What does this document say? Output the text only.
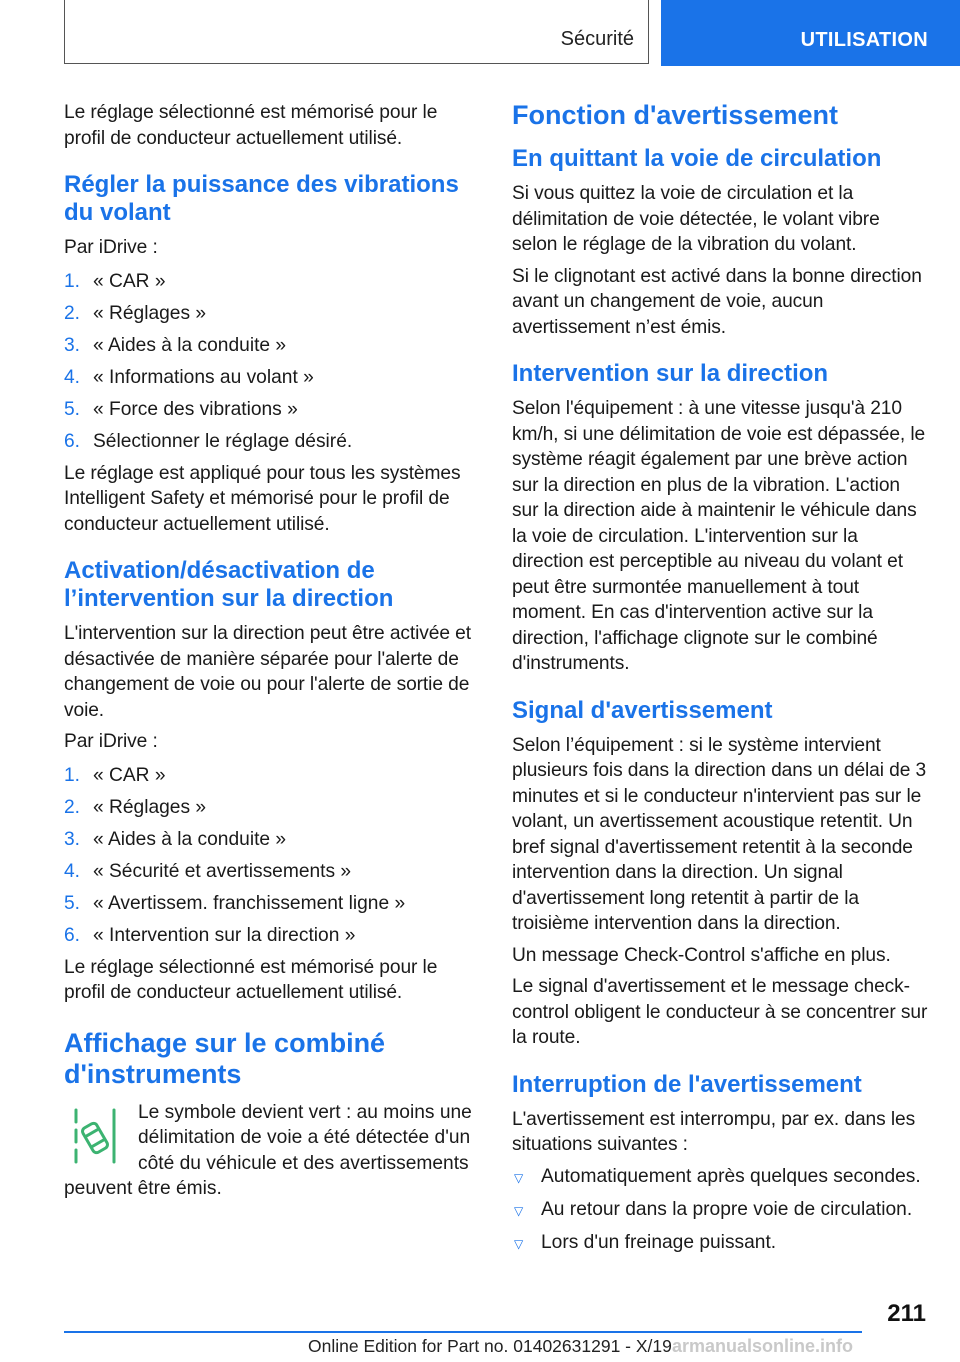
Sécurité	UTILISATION

Le réglage sélectionné est mémorisé pour le profil de conducteur actuellement utilisé.

Régler la puissance des vibrations du volant

Par iDrive :

1. « CAR »
2. « Réglages »
3. « Aides à la conduite »
4. « Informations au volant »
5. « Force des vibrations »
6. Sélectionner le réglage désiré.

Le réglage est appliqué pour tous les systèmes Intelligent Safety et mémorisé pour le profil de conducteur actuellement utilisé.

Activation/désactivation de l’intervention sur la direction

L'intervention sur la direction peut être activée et désactivée de manière séparée pour l'alerte de changement de voie ou pour l'alerte de sortie de voie.

Par iDrive :

1. « CAR »
2. « Réglages »
3. « Aides à la conduite »
4. « Sécurité et avertissements »
5. « Avertissem. franchissement ligne »
6. « Intervention sur la direction »

Le réglage sélectionné est mémorisé pour le profil de conducteur actuellement utilisé.

Affichage sur le combiné d'instruments
Le symbole devient vert : au moins une délimitation de voie a été détectée d'un côté du véhicule et des avertissements peuvent être émis.
Fonction d'avertissement
En quittant la voie de circulation

Si vous quittez la voie de circulation et la délimitation de voie détectée, le volant vibre selon le réglage de la vibration du volant.

Si le clignotant est activé dans la bonne direction avant un changement de voie, aucun avertissement n’est émis.

Intervention sur la direction

Selon l'équipement : à une vitesse jusqu'à 210 km/h, si une délimitation de voie est dépassée, le système réagit également par une brève action sur la direction en plus de la vibration. L'action sur la direction aide à maintenir le véhicule dans la voie de circulation. L'intervention sur la direction est perceptible au niveau du volant et peut être surmontée manuellement à tout moment. En cas d'intervention active sur la direction, l'affichage clignote sur le combiné d'instruments.

Signal d'avertissement

Selon l’équipement : si le système intervient plusieurs fois dans la direction dans un délai de 3 minutes et si le conducteur n'intervient pas sur le volant, un avertissement acoustique retentit. Un bref signal d'avertissement retentit à la seconde intervention dans la direction. Un signal d'avertissement long retentit à partir de la troisième intervention dans la direction.

Un message Check-Control s'affiche en plus.

Le signal d'avertissement et le message check-control obligent le conducteur à se concentrer sur la route.

Interruption de l'avertissement

L'avertissement est interrompu, par ex. dans les situations suivantes :

▽ Automatiquement après quelques secondes.
▽ Au retour dans la propre voie de circulation.
▽ Lors d'un freinage puissant.
211
Online Edition for Part no. 01402631291 - X/19 armanualsonline.info
